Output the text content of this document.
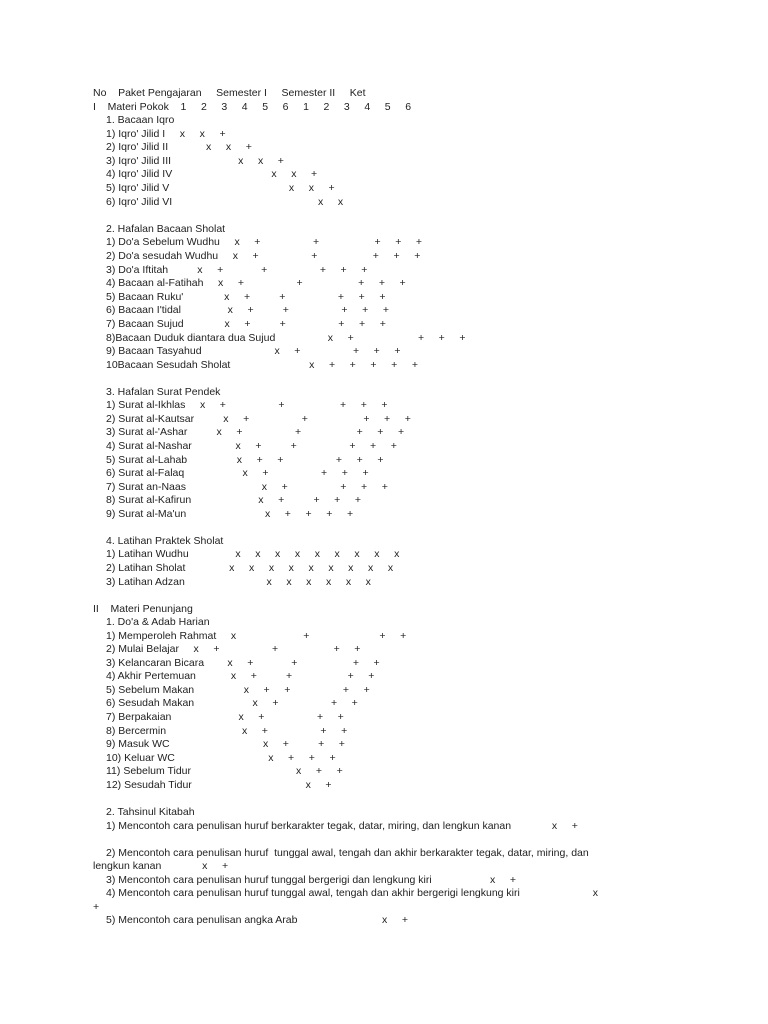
No    Paket Pengajaran     Semester I     Semester II     Ket
I    Materi Pokok    1     2     3     4     5     6     1     2     3     4     5     6
1. Bacaan Iqro
1) Iqro' Jilid I     x     x     +
2) Iqro' Jilid II             x     x     +
3) Iqro' Jilid III                       x     x     +
4) Iqro' Jilid IV                                  x     x     +
5) Iqro' Jilid V                                         x     x     +
6) Iqro' Jilid VI                                                  x     x
2. Hafalan Bacaan Sholat
1) Do'a Sebelum Wudhu     x     +                  +                   +     +     +
2) Do'a sesudah Wudhu     x     +                  +                   +     +     +
3) Do'a Iftitah          x     +             +                  +     +     +
4) Bacaan al-Fatihah     x     +                  +                   +     +     +
5) Bacaan Ruku'              x     +          +                  +     +     +
6) Bacaan I'tidal                x     +          +                  +     +     +
7) Bacaan Sujud              x     +          +                  +     +     +
8)Bacaan Duduk diantara dua Sujud                  x     +                      +     +     +
9) Bacaan Tasyahud                         x     +                  +     +     +
10Bacaan Sesudah Sholat                           x     +     +     +     +     +
3. Hafalan Surat Pendek
1) Surat al-Ikhlas     x     +                  +                   +     +     +
2) Surat al-Kautsar          x     +                  +                   +     +     +
3) Surat al-'Ashar          x     +                  +                   +     +     +
4) Surat al-Nashar               x     +          +                  +     +     +
5) Surat al-Lahab                 x     +     +                  +     +     +
6) Surat al-Falaq                    x     +                  +     +     +
7) Surat an-Naas                          x     +                  +     +     +
8) Surat al-Kafirun                       x     +          +     +     +
9) Surat al-Ma'un                           x     +     +     +     +
4. Latihan Praktek Sholat
1) Latihan Wudhu                x     x     x     x     x     x     x     x     x
2) Latihan Sholat               x     x     x     x     x     x     x     x     x
3) Latihan Adzan                            x     x     x     x     x     x
II    Materi Penunjang
1. Do'a & Adab Harian
1) Memperoleh Rahmat     x                       +                        +     +
2) Mulai Belajar     x     +                  +                   +     +
3) Kelancaran Bicara        x     +             +                   +     +
4) Akhir Pertemuan            x     +          +                   +     +
5) Sebelum Makan                 x     +     +                  +     +
6) Sesudah Makan                    x     +                  +     +
7) Berpakaian                       x     +                  +     +
8) Bercermin                          x     +                  +     +
9) Masuk WC                                x     +          +     +
10) Keluar WC                                x     +     +     +
11) Sebelum Tidur                                    x     +     +
12) Sesudah Tidur                                       x     +
2. Tahsinul Kitabah
1) Mencontoh cara penulisan huruf berkarakter tegak, datar, miring, dan lengkun kanan              x     +
2) Mencontoh cara penulisan huruf  tunggal awal, tengah dan akhir berkarakter tegak, datar, miring, dan
lengkun kanan              x     +
3) Mencontoh cara penulisan huruf tunggal bergerigi dan lengkung kiri                    x     +
4) Mencontoh cara penulisan huruf tunggal awal, tengah dan akhir bergerigi lengkung kiri                         x
+
5) Mencontoh cara penulisan angka Arab                             x     +
